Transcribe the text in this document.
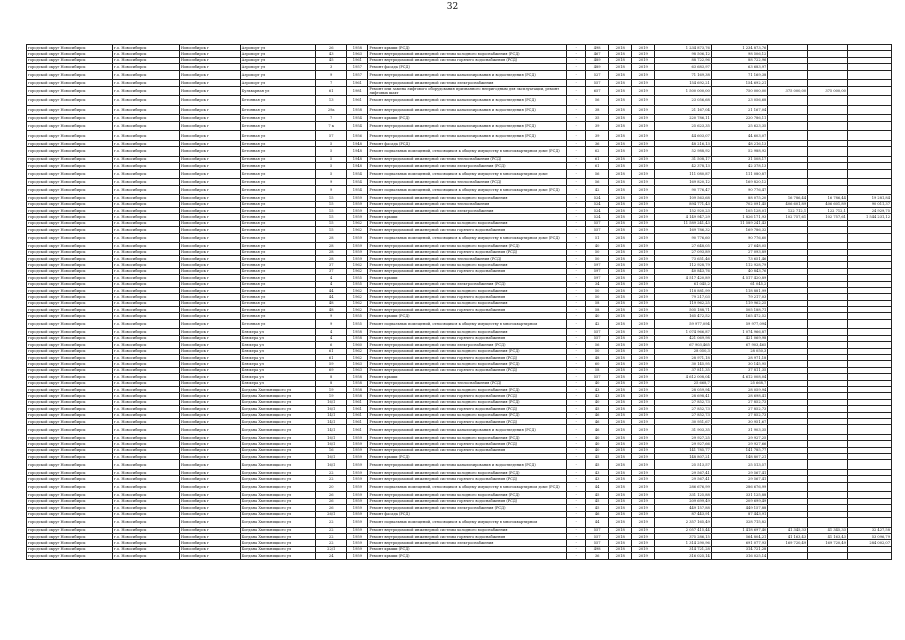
32
городской округ Новосибирск	г.о. Новосибирск	Новосибирск г	Аэропорт ул	26	1958	Ремонт крыши (РСД)	-	498	2018	2019	1 234 873,76	1 234 873,76			
городской округ Новосибирск	г.о. Новосибирск	Новосибирск г	Аэропорт ул	43	1963	Ремонт внутридомовой инженерной системы холодного водоснабжения (РСД)	-	467	2018	2019	98 506,12	98 506,12			
городской округ Новосибирск	г.о. Новосибирск	Новосибирск г	Аэропорт ул	45	1961	Ремонт внутридомовой инженерной системы горячего водоснабжения (РСД)	-	489	2018	2019	88 722,96	88 722,96			
городской округ Новосибирск	г.о. Новосибирск	Новосибирск г	Аэропорт ул	3	1957	Ремонт фасада (РСД)	-	489	2018	2019	63 683,97	63 683,97			
городской округ Новосибирск	г.о. Новосибирск	Новосибирск г	Аэропорт ул	9	1957	Ремонт внутридомовой инженерной системы канализирования и водоотведения (РСД)	-	527	2018	2019	71 169,38	71 169,38			
городской округ Новосибирск	г.о. Новосибирск	Новосибирск г	Аэропорт ул	7	1961	Ремонт внутридомовой инженерной системы электроснабжения	-	557	2018	2019	154 692,21	154 692,21			
городской округ Новосибирск	г.о. Новосибирск	Новосибирск г	Бульварная ул	61	1981	Ремонт или замена лифтового оборудования признанного непригодным для эксплуатации, ремонт лифтовых шахт	-	657	2018	2019	1 500 000,00	750 000,00	375 000,00	375 000,00	
городской округ Новосибирск	г.о. Новосибирск	Новосибирск г	Бетонная ул	13	1961	Ремонт внутридомовой инженерной системы канализирования и водоотведения (РСД)	-	56	2018	2019	23 056,68	23 056,68			
городской округ Новосибирск	г.о. Новосибирск	Новосибирск г	Бетонная ул	29а	1958	Ремонт внутридомовой инженерной системы канализирования и водоотведения (РСД)	-	38	2018	2019	21 167,04	21 167,04			
городской округ Новосибирск	г.о. Новосибирск	Новосибирск г	Бетонная ул	7	1954	Ремонт крыши (РСД)	-	35	2018	2019	220 786,11	220 786,11			
городской округ Новосибирск	г.о. Новосибирск	Новосибирск г	Бетонная ул	7 к	1954	Ремонт внутридомовой инженерной системы канализирования и водоотведения (РСД)	-	39	2018	2019	25 623,35	25 623,35			
городской округ Новосибирск	г.о. Новосибирск	Новосибирск г	Бетонная ул	57	1956	Ремонт внутридомовой инженерной системы канализирования и водоотведения (РСД)	-	39	2018	2019	44 603,07	44 603,07			
городской округ Новосибирск	г.о. Новосибирск	Новосибирск г	Бетонная ул	5	1948	Ремонт фасада (РСД)	-	36	2018	2019	48 216,13	48 216,13			
городской округ Новосибирск	г.о. Новосибирск	Новосибирск г	Бетонная ул	5	1948	Ремонт подвальных помещений, относящихся к общему имуществу в многоквартирном доме (РСД)	-	62	2018	2019	52 988,92	52 988,92			
городской округ Новосибирск	г.о. Новосибирск	Новосибирск г	Бетонная ул	5	1948	Ремонт внутридомовой инженерной системы теплоснабжения (РСД)	-	61	2018	2019	31 508,17	31 508,17			
городской округ Новосибирск	г.о. Новосибирск	Новосибирск г	Бетонная ул	5	1948	Ремонт внутридомовой инженерной системы электроснабжения (РСД)	-	61	2018	2019	42 378,13	42 378,13			
городской округ Новосибирск	г.о. Новосибирск	Новосибирск г	Бетонная ул	5	1954	Ремонт подвальных помещений, относящихся к общему имуществу в многоквартирном доме	-	56	2018	2019	111 080,87	111 080,87			
городской округ Новосибирск	г.о. Новосибирск	Новосибирск г	Бетонная ул	9	1954	Ремонт внутридомовой инженерной системы теплоснабжения (РСД)	-	56	2018	2019	169 820,12	169 820,12			
городской округ Новосибирск	г.о. Новосибирск	Новосибирск г	Бетонная ул	9	1954	Ремонт подвальных помещений, относящихся к общему имуществу в многоквартирном доме (РСД)	-	42	2018	2019	90 776,47	90 776,47			
городской округ Новосибирск	г.о. Новосибирск	Новосибирск г	Бетонная ул	15	1959	Ремонт внутридомовой инженерной системы холодного водоснабжения	-	524	2018	2019	109 563,68	88 075,20	16 786,44	16 786,44	19 281,84
городской округ Новосибирск	г.о. Новосибирск	Новосибирск г	Бетонная ул	15	1959	Ремонт внутридомовой инженерной системы теплоснабжения	-	524	2018	2019	894 771,43	702 091,45	406 601,89	406 601,89	90 011,37
городской округ Новосибирск	г.о. Новосибирск	Новосибирск г	Бетонная ул	15	1959	Ремонт внутридомовой инженерной системы электроснабжения	-	524	2018	2019	152 920,23	105 128,01	122 712,1	122 712,1	24 929,75
городской округ Новосибирск	г.о. Новосибирск	Новосибирск г	Бетонная ул	15	1959	Ремонт крыши	-	524	2018	2019	4 149 947,29	1 826 171,93	102 757,61	102 757,61	1 544 231,12
городской округ Новосибирск	г.о. Новосибирск	Новосибирск г	Бетонная ул	15	1962	Ремонт внутридомовой инженерной системы холодного водоснабжения	-	557	2018	2019	11 589 241,43	11 589 241,43			
городской округ Новосибирск	г.о. Новосибирск	Новосибирск г	Бетонная ул	15	1962	Ремонт внутридомовой инженерной системы горячего водоснабжения	-	557	2018	2019	169 786,32	169 786,32			
городской округ Новосибирск	г.о. Новосибирск	Новосибирск г	Бетонная ул	28	1959	Ремонт подвальных помещений, относящихся к общему имуществу в многоквартирном доме (РСД)	-	51	2018	2019	90 776,60	90 776,60			
городской округ Новосибирск	г.о. Новосибирск	Новосибирск г	Бетонная ул	28	1959	Ремонт внутридомовой инженерной системы холодного водоснабжения (РСД)	-	40	2018	2019	27 648,05	27 648,05			
городской округ Новосибирск	г.о. Новосибирск	Новосибирск г	Бетонная ул	28	1959	Ремонт внутридомовой инженерной системы горячего водоснабжения (РСД)	-	50	2018	2019	27 093,89	27 093,89			
городской округ Новосибирск	г.о. Новосибирск	Новосибирск г	Бетонная ул	28	1959	Ремонт внутридомовой инженерной системы теплоснабжения (РСД)	-	50	2018	2019	73 651,46	73 651,46			
городской округ Новосибирск	г.о. Новосибирск	Новосибирск г	Бетонная ул	37	1962	Ремонт внутридомовой инженерной системы холодного водоснабжения	-	597	2018	2019	112 928,79	112 928,79			
городской округ Новосибирск	г.о. Новосибирск	Новосибирск г	Бетонная ул	37	1962	Ремонт внутридомовой инженерной системы горячего водоснабжения	-	597	2018	2019	40 843,76	40 843,76			
городской округ Новосибирск	г.о. Новосибирск	Новосибирск г	Бетонная ул	4	1955	Ремонт крыши	-	597	2018	2019	4 517 420,89	4 517 420,89			
городской округ Новосибирск	г.о. Новосибирск	Новосибирск г	Бетонная ул	4	1955	Ремонт внутридомовой инженерной системы электроснабжения (РСД)	-	34	2018	2019	61 045,2	61 045,2			
городской округ Новосибирск	г.о. Новосибирск	Новосибирск г	Бетонная ул	44	1962	Ремонт внутридомовой инженерной системы холодного водоснабжения	-	50	2018	2019	118 881,99	118 881,99			
городской округ Новосибирск	г.о. Новосибирск	Новосибирск г	Бетонная ул	44	1962	Ремонт внутридомовой инженерной системы горячего водоснабжения	-	50	2018	2019	79 217,03	79 217,03			
городской округ Новосибирск	г.о. Новосибирск	Новосибирск г	Бетонная ул	48	1962	Ремонт внутридомовой инженерной системы холодного водоснабжения	-	58	2018	2019	119 962,25	119 962,25			
городской округ Новосибирск	г.о. Новосибирск	Новосибирск г	Бетонная ул	48	1962	Ремонт внутридомовой инженерной системы горячего водоснабжения	-	58	2018	2019	505 188,71	505 188,71			
городской округ Новосибирск	г.о. Новосибирск	Новосибирск г	Бетонная ул	9	1955	Ремонт крыши (РСД)	-	40	2018	2019	165 472,52	165 472,52			
городской округ Новосибирск	г.о. Новосибирск	Новосибирск г	Бетонная ул	9	1955	Ремонт подвальных помещений, относящихся к общему имуществу в многоквартирном	-	42	2018	2019	59 977,094	59 977,094			
городской округ Новосибирск	г.о. Новосибирск	Новосибирск г	Блюхера ул	4	1958	Ремонт внутридомовой инженерной системы холодного водоснабжения	-	557	2018	2019	1 074 966,87	1 074 966,87			
городской округ Новосибирск	г.о. Новосибирск	Новосибирск г	Блюхера ул	4	1958	Ремонт внутридомовой инженерной системы горячего водоснабжения	-	557	2018	2019	421 069,98	421 069,98			
городской округ Новосибирск	г.о. Новосибирск	Новосибирск г	Блюхера ул	6	1960	Ремонт внутридомовой инженерной системы электроснабжения (РСД)	-	56	2018	2019	67 903,465	67 903,465			
городской округ Новосибирск	г.о. Новосибирск	Новосибирск г	Блюхера ул	61	1962	Ремонт внутридомовой инженерной системы холодного водоснабжения (РСД)	-	50	2018	2019	28 050,3	28 050,3			
городской округ Новосибирск	г.о. Новосибирск	Новосибирск г	Блюхера ул	61	1962	Ремонт внутридомовой инженерной системы горячего водоснабжения (РСД)	-	48	2018	2019	28 971,18	28 971,18			
городской округ Новосибирск	г.о. Новосибирск	Новосибирск г	Блюхера ул	59	1963	Ремонт внутридомовой инженерной системы холодного водоснабжения (РСД)	-	60	2018	2019	30 145,95	30 145,95			
городской округ Новосибирск	г.о. Новосибирск	Новосибирск г	Блюхера ул	69	1963	Ремонт внутридомовой инженерной системы горячего водоснабжения (РСД)	-	58	2018	2019	37 811,35	37 811,35			
городской округ Новосибирск	г.о. Новосибирск	Новосибирск г	Блюхера ул	8	1958	Ремонт крыши	-	557	2018	2019	4 612 008,04	4 612 008,04			
городской округ Новосибирск	г.о. Новосибирск	Новосибирск г	Блюхера ул	8	1958	Ремонт внутридомовой инженерной системы теплоснабжения (РСД)	-	40	2018	2019	25 668,7	25 668,7			
городской округ Новосибирск	г.о. Новосибирск	Новосибирск г	Богдана Хмельницкого ул	19	1958	Ремонт внутридомовой инженерной системы холодного водоснабжения (РСД)	-	43	2018	2019	28 059,94	28 059,94			
городской округ Новосибирск	г.о. Новосибирск	Новосибирск г	Богдана Хмельницкого ул	19	1958	Ремонт внутридомовой инженерной системы горячего водоснабжения (РСД)	-	43	2018	2019	28 698,41	28 698,41			
городской округ Новосибирск	г.о. Новосибирск	Новосибирск г	Богдана Хмельницкого ул	16/1	1961	Ремонт внутридомовой инженерной системы холодного водоснабжения (РСД)	-	40	2018	2019	27 852,73	27 852,73			
городской округ Новосибирск	г.о. Новосибирск	Новосибирск г	Богдана Хмельницкого ул	16/1	1961	Ремонт внутридомовой инженерной системы горячего водоснабжения (РСД)	-	45	2018	2019	27 852,73	27 852,73			
городской округ Новосибирск	г.о. Новосибирск	Новосибирск г	Богдана Хмельницкого ул	14/1	1961	Ремонт внутридомовой инженерной системы холодного водоснабжения (РСД)	-	46	2018	2019	27 852,73	27 852,73			
городской округ Новосибирск	г.о. Новосибирск	Новосибирск г	Богдана Хмельницкого ул	14/1	1961	Ремонт внутридомовой инженерной системы горячего водоснабжения (РСД)	-	46	2018	2019	30 951,67	30 951,67			
городской округ Новосибирск	г.о. Новосибирск	Новосибирск г	Богдана Хмельницкого ул	14/1	1961	Ремонт внутридомовой инженерной системы канализирования и водоотведения (РСД)	-	46	2018	2019	31 903,35	31 903,35			
городской округ Новосибирск	г.о. Новосибирск	Новосибирск г	Богдана Хмельницкого ул	16/1	1959	Ремонт внутридомовой инженерной системы холодного водоснабжения (РСД)	-	40	2018	2019	29 927,25	29 927,25			
городской округ Новосибирск	г.о. Новосибирск	Новосибирск г	Богдана Хмельницкого ул	16/1	1959	Ремонт внутридомовой инженерной системы горячего водоснабжения (РСД)	-	40	2018	2019	29 927,66	29 927,66			
городской округ Новосибирск	г.о. Новосибирск	Новосибирск г	Богдана Хмельницкого ул	16	1959	Ремонт внутридомовой инженерной системы горячего водоснабжения	-	40	2018	2019	141 785,77	141 785,77			
городской округ Новосибирск	г.о. Новосибирск	Новосибирск г	Богдана Хмельницкого ул	16/1	1959	Ремонт крыши (РСД)	-	45	2018	2019	148 807,21	148 807,21			
городской округ Новосибирск	г.о. Новосибирск	Новосибирск г	Богдана Хмельницкого ул	16/1	1959	Ремонт внутридомовой инженерной системы канализирования и водоотведения (РСД)	-	45	2018	2019	25 513,57	25 513,57			
городской округ Новосибирск	г.о. Новосибирск	Новосибирск г	Богдана Хмельницкого ул	22	1959	Ремонт внутридомовой инженерной системы холодного водоснабжения (РСД)	-	43	2018	2019	29 567,41	29 567,41			
городской округ Новосибирск	г.о. Новосибирск	Новосибирск г	Богдана Хмельницкого ул	22	1959	Ремонт внутридомовой инженерной системы горячего водоснабжения (РСД)	-	43	2018	2019	29 567,41	29 567,41			
городской округ Новосибирск	г.о. Новосибирск	Новосибирск г	Богдана Хмельницкого ул	20	1959	Ремонт подвальных помещений, относящихся к общему имуществу в многоквартирном доме (РСД)	-	44	2018	2019	286 676,99	286 676,99			
городской округ Новосибирск	г.о. Новосибирск	Новосибирск г	Богдана Хмельницкого ул	26	1959	Ремонт внутридомовой инженерной системы холодного водоснабжения (РСД)	-	45	2018	2019	331 125,88	331 125,88			
городской округ Новосибирск	г.о. Новосибирск	Новосибирск г	Богдана Хмельницкого ул	26	1959	Ремонт внутридомовой инженерной системы горячего водоснабжения (РСД)	-	45	2018	2019	209 699,49	209 699,49			
городской округ Новосибирск	г.о. Новосибирск	Новосибирск г	Богдана Хмельницкого ул	26	1959	Ремонт внутридомовой инженерной системы электроснабжения (РСД)	-	45	2018	2019	449 157,88	449 157,88			
городской округ Новосибирск	г.о. Новосибирск	Новосибирск г	Богдана Хмельницкого ул	26/1	1959	Ремонт фасада (РСД)	-	46	2018	2019	87 443,91	87 443,91			
городской округ Новосибирск	г.о. Новосибирск	Новосибирск г	Богдана Хмельницкого ул	22	1959	Ремонт подвальных помещений, относящихся к общему имуществу в многоквартирном	-	44	2018	2019	2 357 165,49	328 715,82			
городской округ Новосибирск	г.о. Новосибирск	Новосибирск г	Богдана Хмельницкого ул	22	1959	Ремонт внутридомовой инженерной системы холодного водоснабжения	-	557	2018	2019	2 057 415,44	1 418 697,40	41 345,33	41 345,33	32 427,58
городской округ Новосибирск	г.о. Новосибирск	Новосибирск г	Богдана Хмельницкого ул	22	1959	Ремонт внутридомовой инженерной системы горячего водоснабжения	-	557	2018	2019	375 286,15	564 804,21	41 163,43	41 163,43	53 096,79
городской округ Новосибирск	г.о. Новосибирск	Новосибирск г	Богдана Хмельницкого ул	22	1959	Ремонт внутридомовой инженерной системы электроснабжения	-	557	2018	2019	1 314 290,96	691 077,93	169 720,49	169 720,49	284 002,07
городской округ Новосибирск	г.о. Новосибирск	Новосибирск г	Богдана Хмельницкого ул	22/1	1959	Ремонт крыши (РСД)	-	498	2018	2019	314 721,28	314 721,28			
городской округ Новосибирск	г.о. Новосибирск	Новосибирск г	Богдана Хмельницкого ул	24	1959	Ремонт крыши (РСД)	-	36	2018	2019	316 025,14	316 025,14			
